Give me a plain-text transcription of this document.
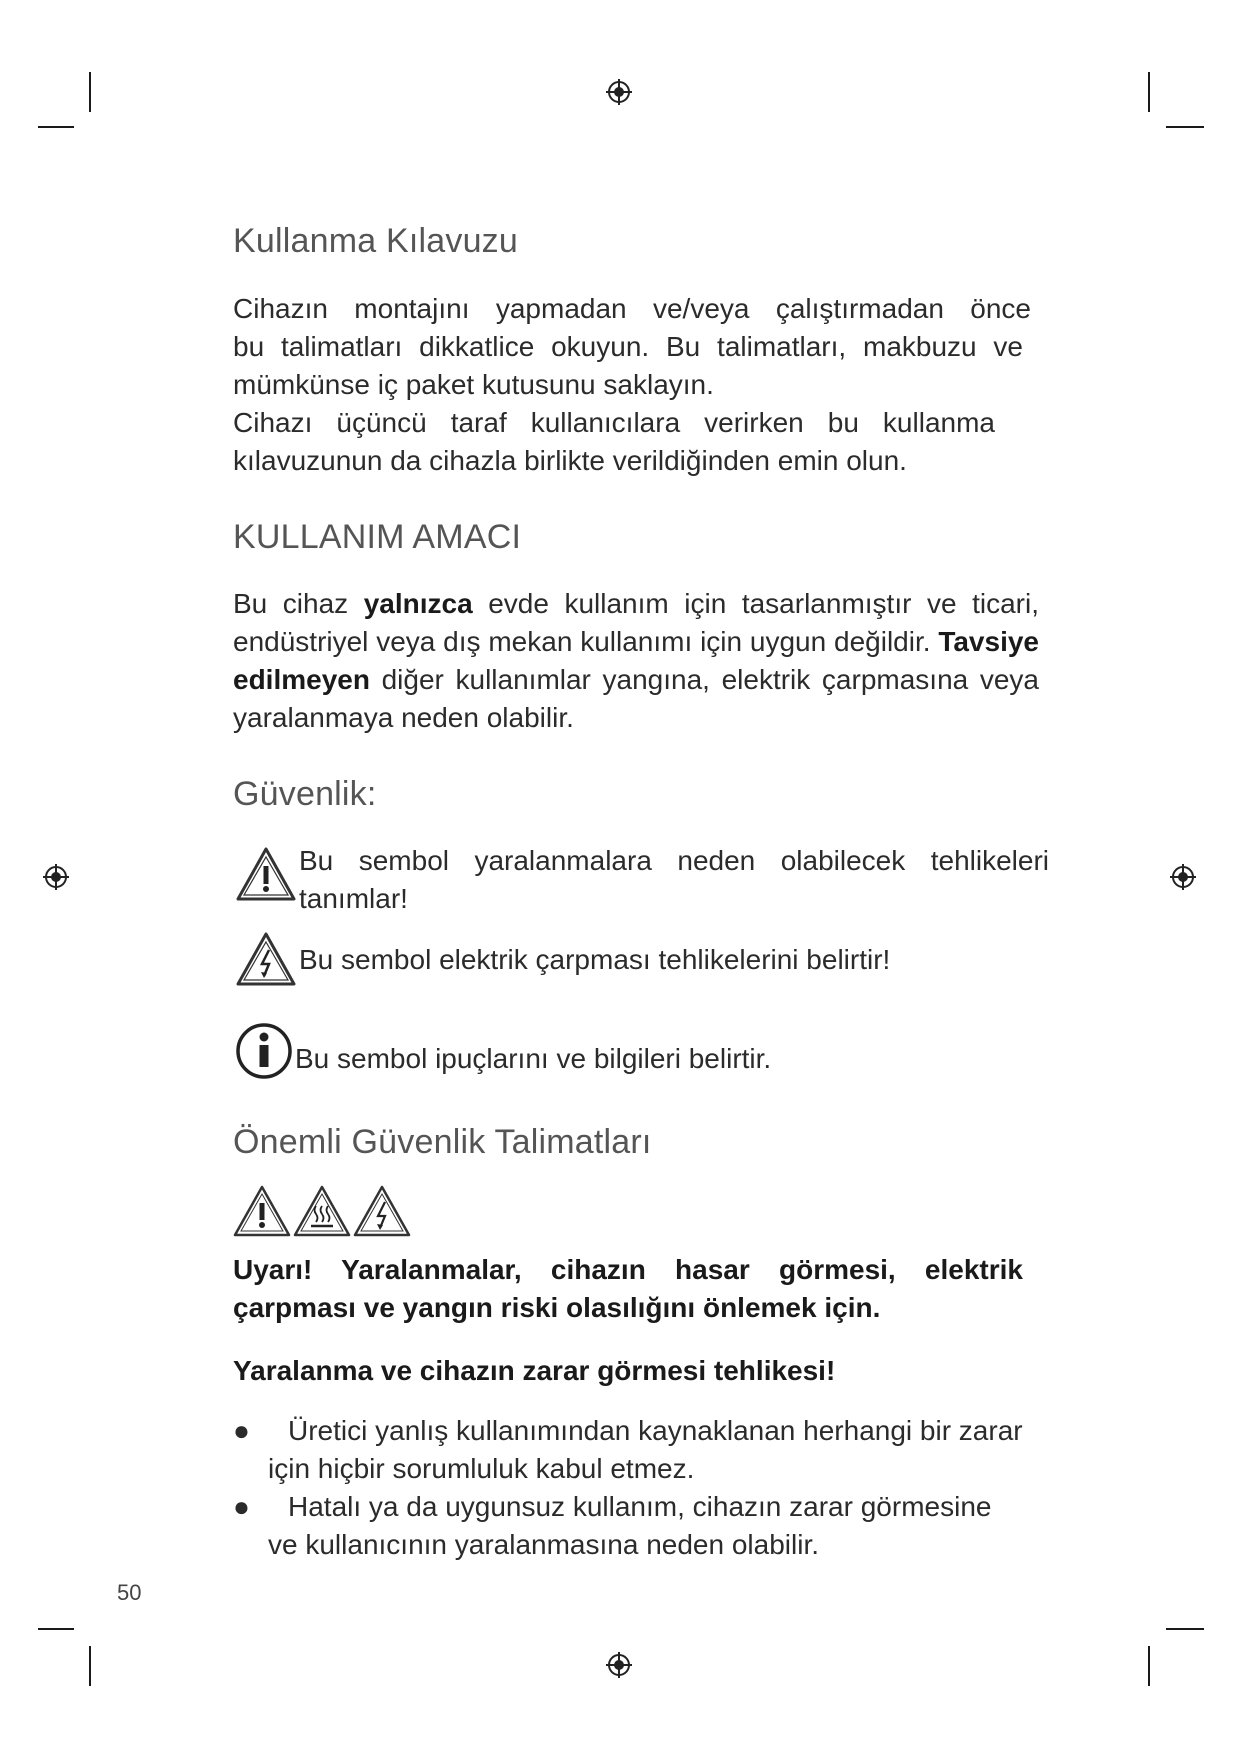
Kullanma Kılavuzu
Cihazın montajını yapmadan ve/veya çalıştırmadan önce
bu talimatları dikkatlice okuyun. Bu talimatları, makbuzu ve mümkünse iç paket kutusunu saklayın.
Cihazı üçüncü taraf kullanıcılara verirken bu kullanma
kılavuzunun da cihazla birlikte verildiğinden emin olun.
KULLANIM AMACI
Bu cihaz yalnızca evde kullanım için tasarlanmıştır ve ticari, endüstriyel veya dış mekan kullanımı için uygun değildir. Tavsiye edilmeyen diğer kullanımlar yangına, elektrik çarpmasına veya yaralanmaya neden olabilir.
Güvenlik:
Bu sembol yaralanmalara neden olabilecek tehlikeleri tanımlar!
Bu sembol elektrik çarpması tehlikelerini belirtir!
Bu sembol ipuçlarını ve bilgileri belirtir.
Önemli Güvenlik Talimatları
Uyarı! Yaralanmalar, cihazın hasar görmesi, elektrik çarpması ve yangın riski olasılığını önlemek için.
Yaralanma ve cihazın zarar görmesi tehlikesi!
● Üretici yanlış kullanımından kaynaklanan herhangi bir zarar
için hiçbir sorumluluk kabul etmez.
● Hatalı ya da uygunsuz kullanım, cihazın zarar görmesine
ve kullanıcının yaralanmasına neden olabilir.
50
